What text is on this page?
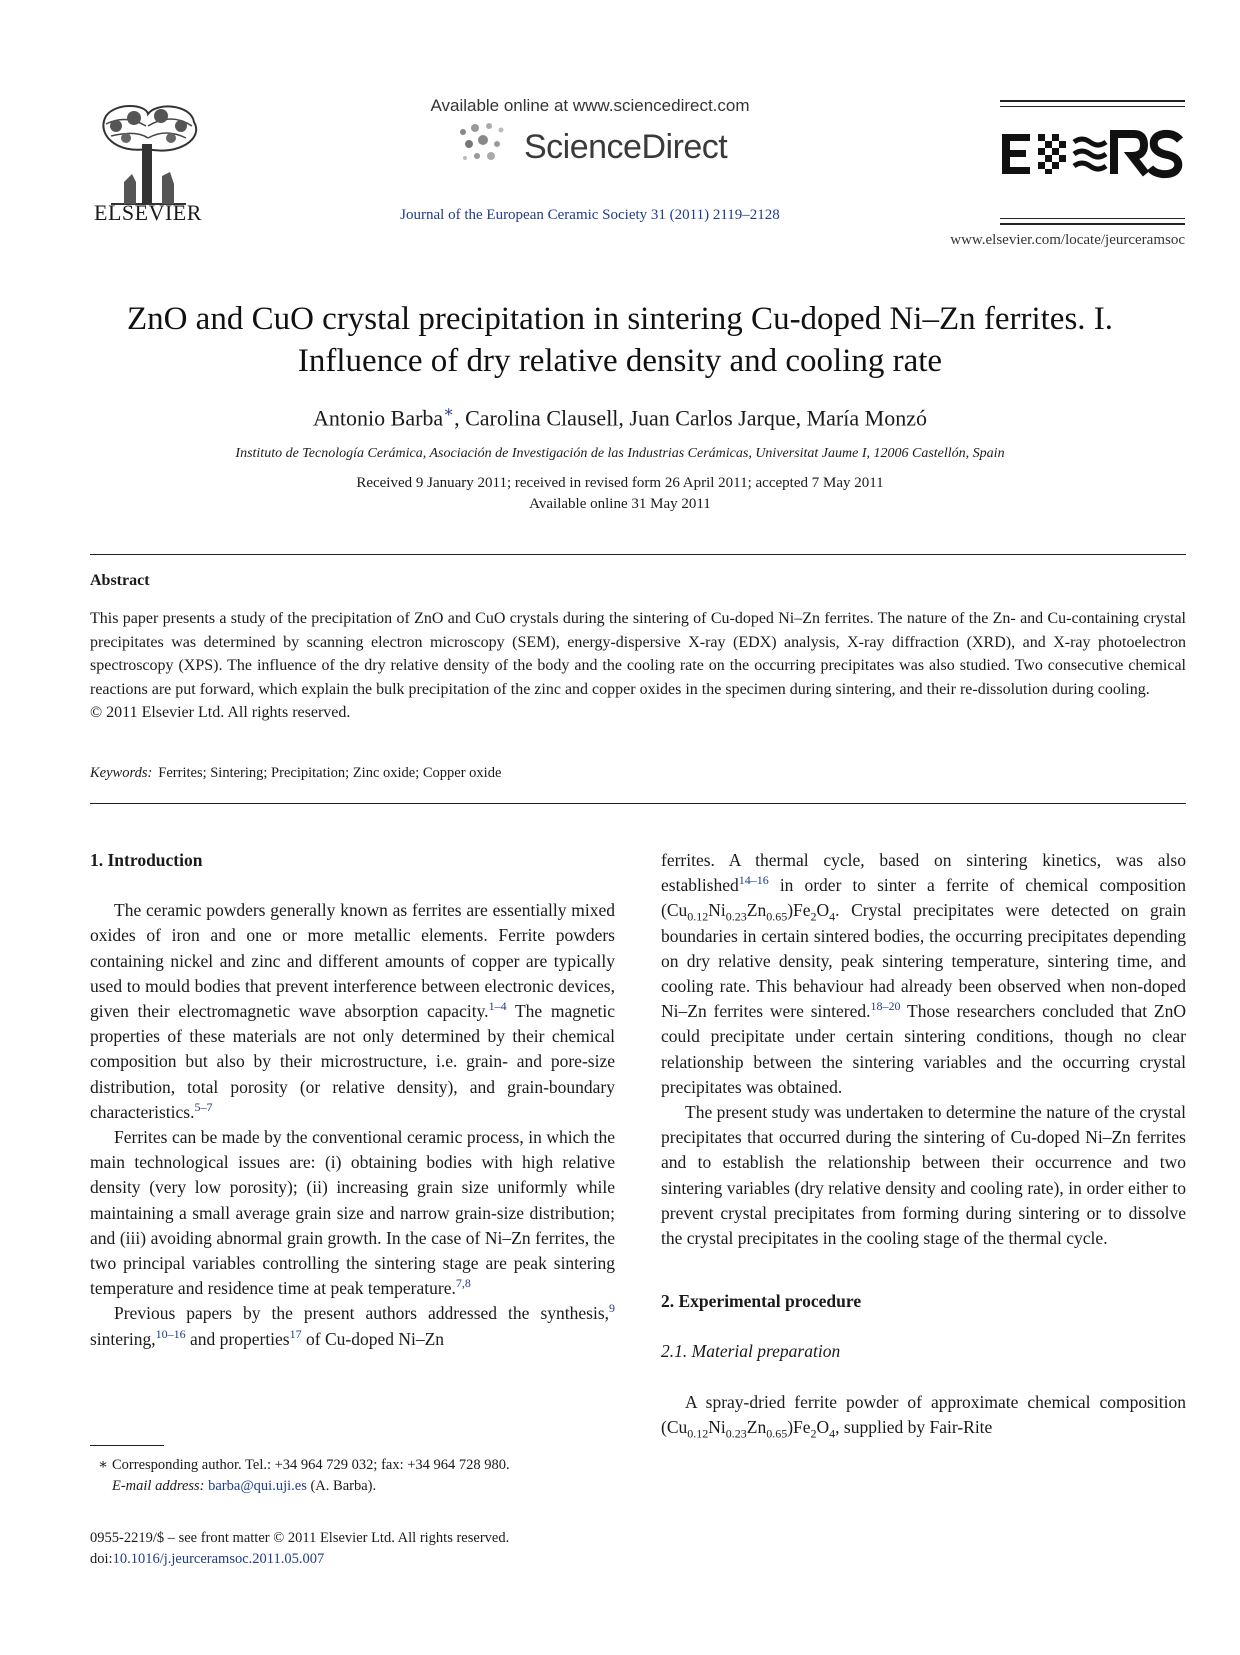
ELSEVIER
Available online at www.sciencedirect.com
ScienceDirect
Journal of the European Ceramic Society 31 (2011) 2119–2128
www.elsevier.com/locate/jeurceramsoc
ZnO and CuO crystal precipitation in sintering Cu-doped Ni–Zn ferrites. I.
Influence of dry relative density and cooling rate
Antonio Barba∗, Carolina Clausell, Juan Carlos Jarque, María Monzó
Instituto de Tecnología Cerámica, Asociación de Investigación de las Industrias Cerámicas, Universitat Jaume I, 12006 Castellón, Spain
Received 9 January 2011; received in revised form 26 April 2011; accepted 7 May 2011
Available online 31 May 2011
Abstract
This paper presents a study of the precipitation of ZnO and CuO crystals during the sintering of Cu-doped Ni–Zn ferrites. The nature of the Zn- and Cu-containing crystal precipitates was determined by scanning electron microscopy (SEM), energy-dispersive X-ray (EDX) analysis, X-ray diffraction (XRD), and X-ray photoelectron spectroscopy (XPS). The influence of the dry relative density of the body and the cooling rate on the occurring precipitates was also studied. Two consecutive chemical reactions are put forward, which explain the bulk precipitation of the zinc and copper oxides in the specimen during sintering, and their re-dissolution during cooling.
© 2011 Elsevier Ltd. All rights reserved.
Keywords: Ferrites; Sintering; Precipitation; Zinc oxide; Copper oxide
1. Introduction

The ceramic powders generally known as ferrites are essentially mixed oxides of iron and one or more metallic elements. Ferrite powders containing nickel and zinc and different amounts of copper are typically used to mould bodies that prevent interference between electronic devices, given their electromagnetic wave absorption capacity.$^{1-4}$ The magnetic properties of these materials are not only determined by their chemical composition but also by their microstructure, i.e. grain- and pore-size distribution, total porosity (or relative density), and grain-boundary characteristics.$^{5-7}$

Ferrites can be made by the conventional ceramic process, in which the main technological issues are: (i) obtaining bodies with high relative density (very low porosity); (ii) increasing grain size uniformly while maintaining a small average grain size and narrow grain-size distribution; and (iii) avoiding abnormal grain growth. In the case of Ni–Zn ferrites, the two principal variables controlling the sintering stage are peak sintering temperature and residence time at peak temperature.$^{7,8}$

Previous papers by the present authors addressed the synthesis,$^9$ sintering,$^{10-16}$ and properties$^{17}$ of Cu-doped Ni–Zn

ferrites. A thermal cycle, based on sintering kinetics, was also established$^{14-16}$ in order to sinter a ferrite of chemical composition $(Cu_{0.12}Ni_{0.23}Zn_{0.65})Fe_2O_4$. Crystal precipitates were detected on grain boundaries in certain sintered bodies, the occurring precipitates depending on dry relative density, peak sintering temperature, sintering time, and cooling rate. This behaviour had already been observed when non-doped Ni–Zn ferrites were sintered.$^{18-20}$ Those researchers concluded that ZnO could precipitate under certain sintering conditions, though no clear relationship between the sintering variables and the occurring crystal precipitates was obtained.

The present study was undertaken to determine the nature of the crystal precipitates that occurred during the sintering of Cu-doped Ni–Zn ferrites and to establish the relationship between their occurrence and two sintering variables (dry relative density and cooling rate), in order either to prevent crystal precipitates from forming during sintering or to dissolve the crystal precipitates in the cooling stage of the thermal cycle.

2. Experimental procedure
2.1. Material preparation

A spray-dried ferrite powder of approximate chemical composition $(Cu_{0.12}Ni_{0.23}Zn_{0.65})Fe_2O_4$, supplied by Fair-Rite

∗ Corresponding author. Tel.: +34 964 729 032; fax: +34 964 728 980.
E-mail address: barba@qui.uji.es (A. Barba).
0955-2219/$ – see front matter © 2011 Elsevier Ltd. All rights reserved.
doi:10.1016/j.jeurceramsoc.2011.05.007
